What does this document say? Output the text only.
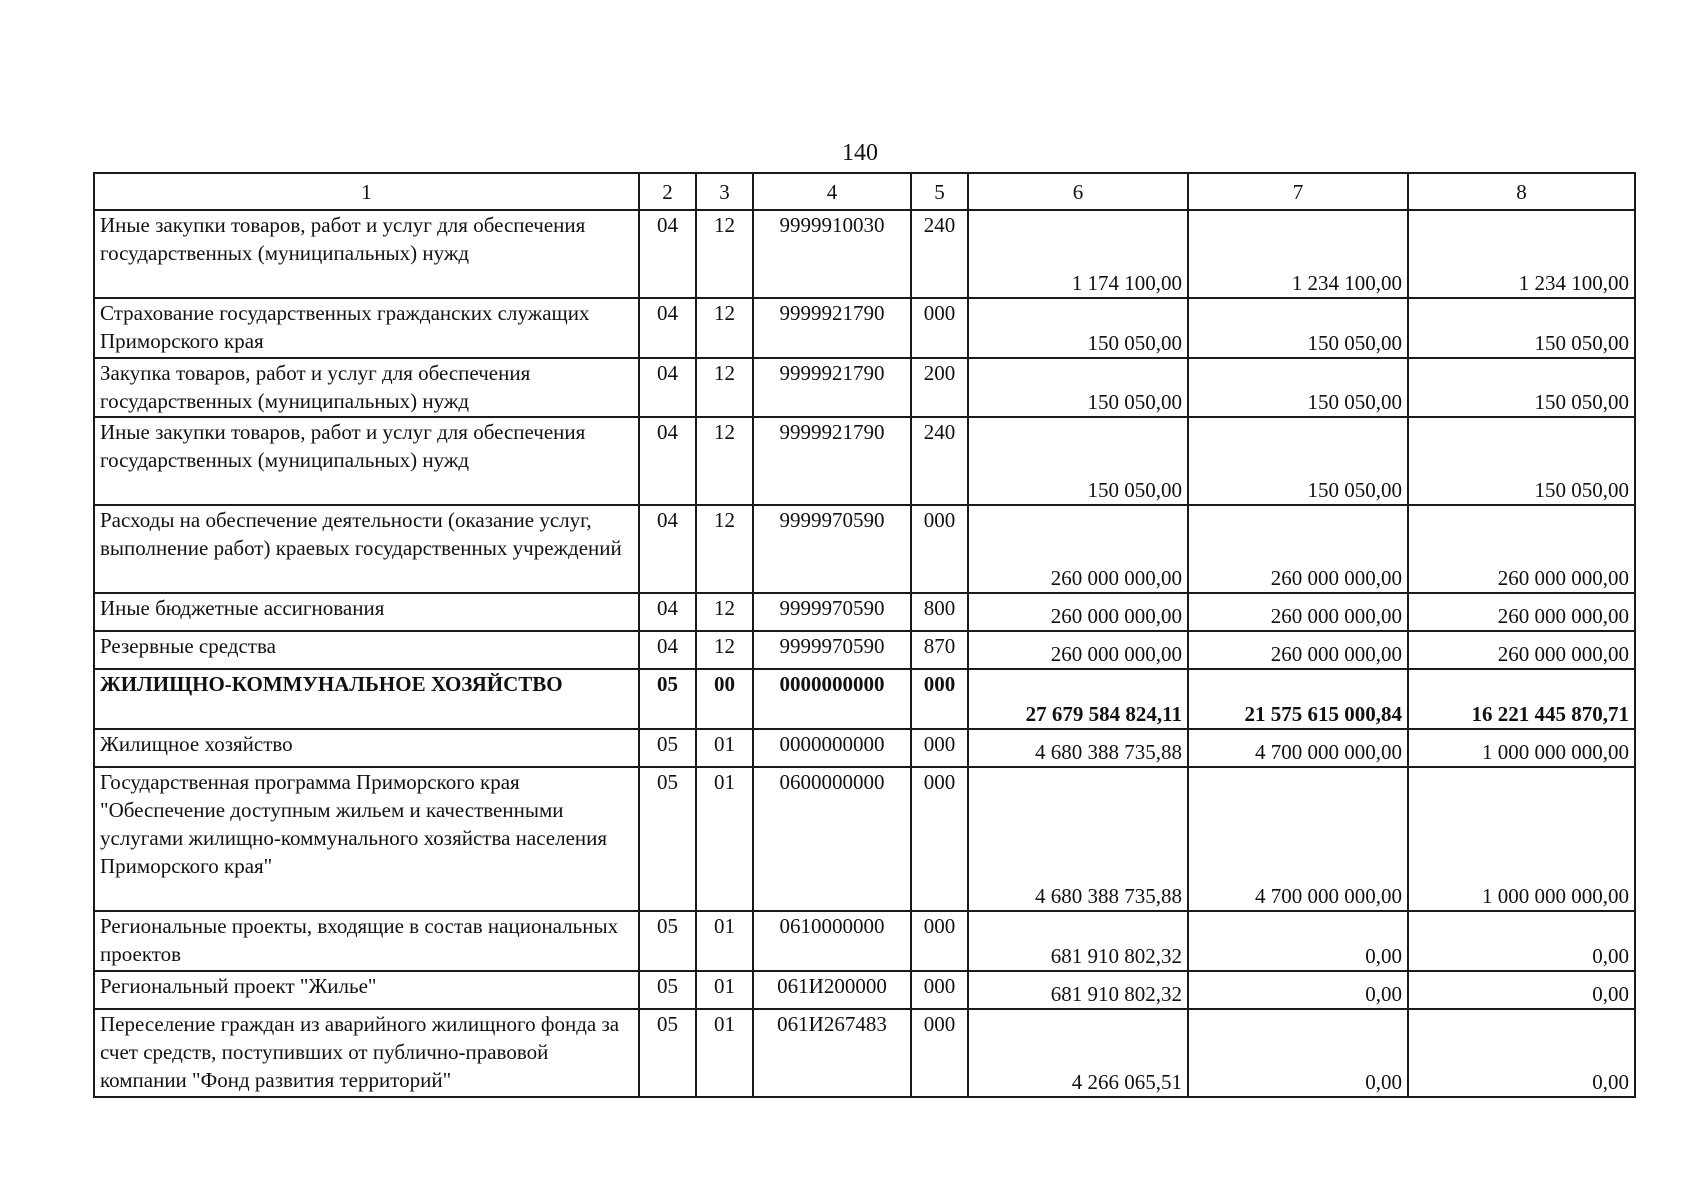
140
1	2	3	4	5	6	7	8
Иные закупки товаров, работ и услуг для обеспечения государственных (муниципальных) нужд	04	12	9999910030	240	1 174 100,00	1 234 100,00	1 234 100,00
Страхование государственных гражданских служащих Приморского края	04	12	9999921790	000	150 050,00	150 050,00	150 050,00
Закупка товаров, работ и услуг для обеспечения государственных (муниципальных) нужд	04	12	9999921790	200	150 050,00	150 050,00	150 050,00
Иные закупки товаров, работ и услуг для обеспечения государственных (муниципальных) нужд	04	12	9999921790	240	150 050,00	150 050,00	150 050,00
Расходы на обеспечение деятельности (оказание услуг, выполнение работ) краевых государственных учреждений	04	12	9999970590	000	260 000 000,00	260 000 000,00	260 000 000,00
Иные бюджетные ассигнования	04	12	9999970590	800	260 000 000,00	260 000 000,00	260 000 000,00
Резервные средства	04	12	9999970590	870	260 000 000,00	260 000 000,00	260 000 000,00
ЖИЛИЩНО-КОММУНАЛЬНОЕ ХОЗЯЙСТВО	05	00	0000000000	000	27 679 584 824,11	21 575 615 000,84	16 221 445 870,71
Жилищное хозяйство	05	01	0000000000	000	4 680 388 735,88	4 700 000 000,00	1 000 000 000,00
Государственная программа Приморского края "Обеспечение доступным жильем и качественными услугами жилищно-коммунального хозяйства населения Приморского края"	05	01	0600000000	000	4 680 388 735,88	4 700 000 000,00	1 000 000 000,00
Региональные проекты, входящие в состав национальных проектов	05	01	0610000000	000	681 910 802,32	0,00	0,00
Региональный проект "Жилье"	05	01	061И200000	000	681 910 802,32	0,00	0,00
Переселение граждан из аварийного жилищного фонда за счет средств, поступивших от публично-правовой компании "Фонд развития территорий"	05	01	061И267483	000	4 266 065,51	0,00	0,00
